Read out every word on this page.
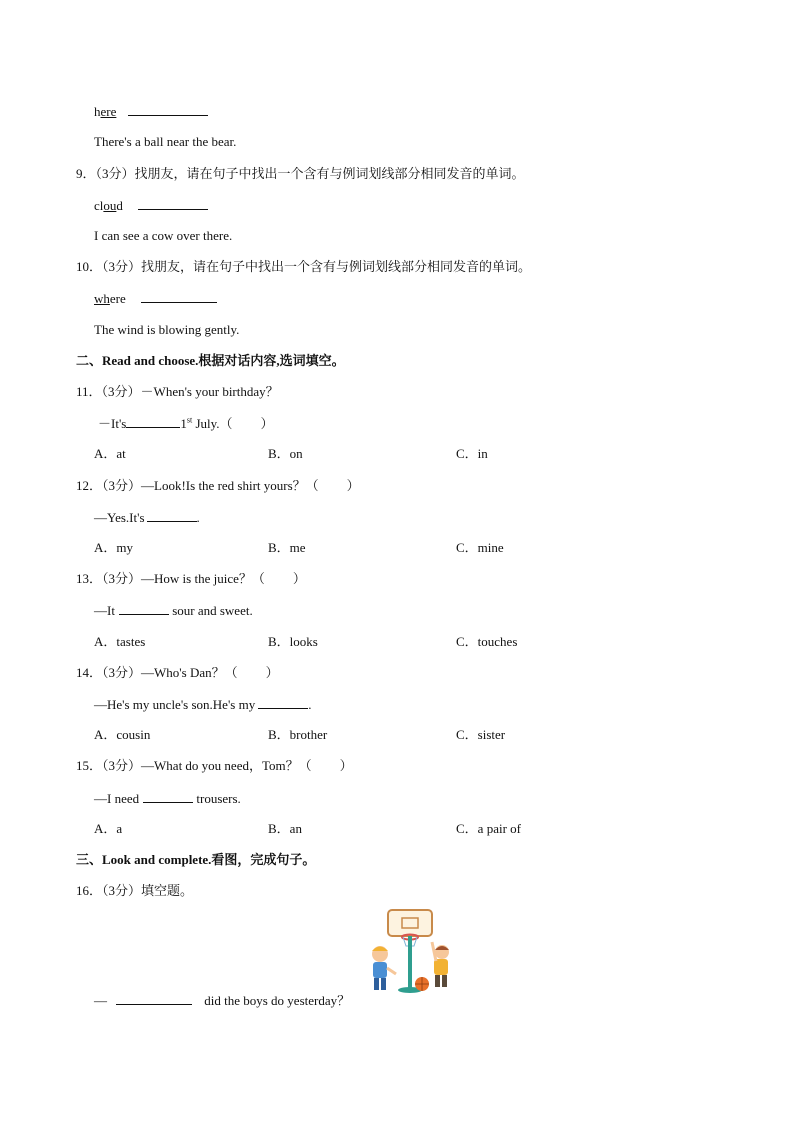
here
There's a ball near the bear.
9．（3分）找朋友，请在句子中找出一个含有与例词划线部分相同发音的单词。
cloud
I can see a cow over there.
10．（3分）找朋友，请在句子中找出一个含有与例词划线部分相同发音的单词。
where
The wind is blowing gently.
二、Read and choose.根据对话内容,选词填空。
11．（3分）－When's your birthday？
－It's	1st July.（ ）
A．at	B．on	C．in
12．（3分）—Look!Is the red shirt yours？（ ）
—Yes.It's	.
A．my	B．me	C．mine
13．（3分）—How is the juice？（ ）
—It	sour and sweet.
A．tastes	B．looks	C．touches
14．（3分）—Who's Dan？（ ）
—He's my uncle's son.He's my	.
A．cousin	B．brother	C．sister
15．（3分）—What do you need，Tom？（ ）
—I need	trousers.
A．a	B．an	C．a pair of
三、Look and complete.看图，完成句子。
16．（3分）填空题。
—	did the boys do yesterday？
